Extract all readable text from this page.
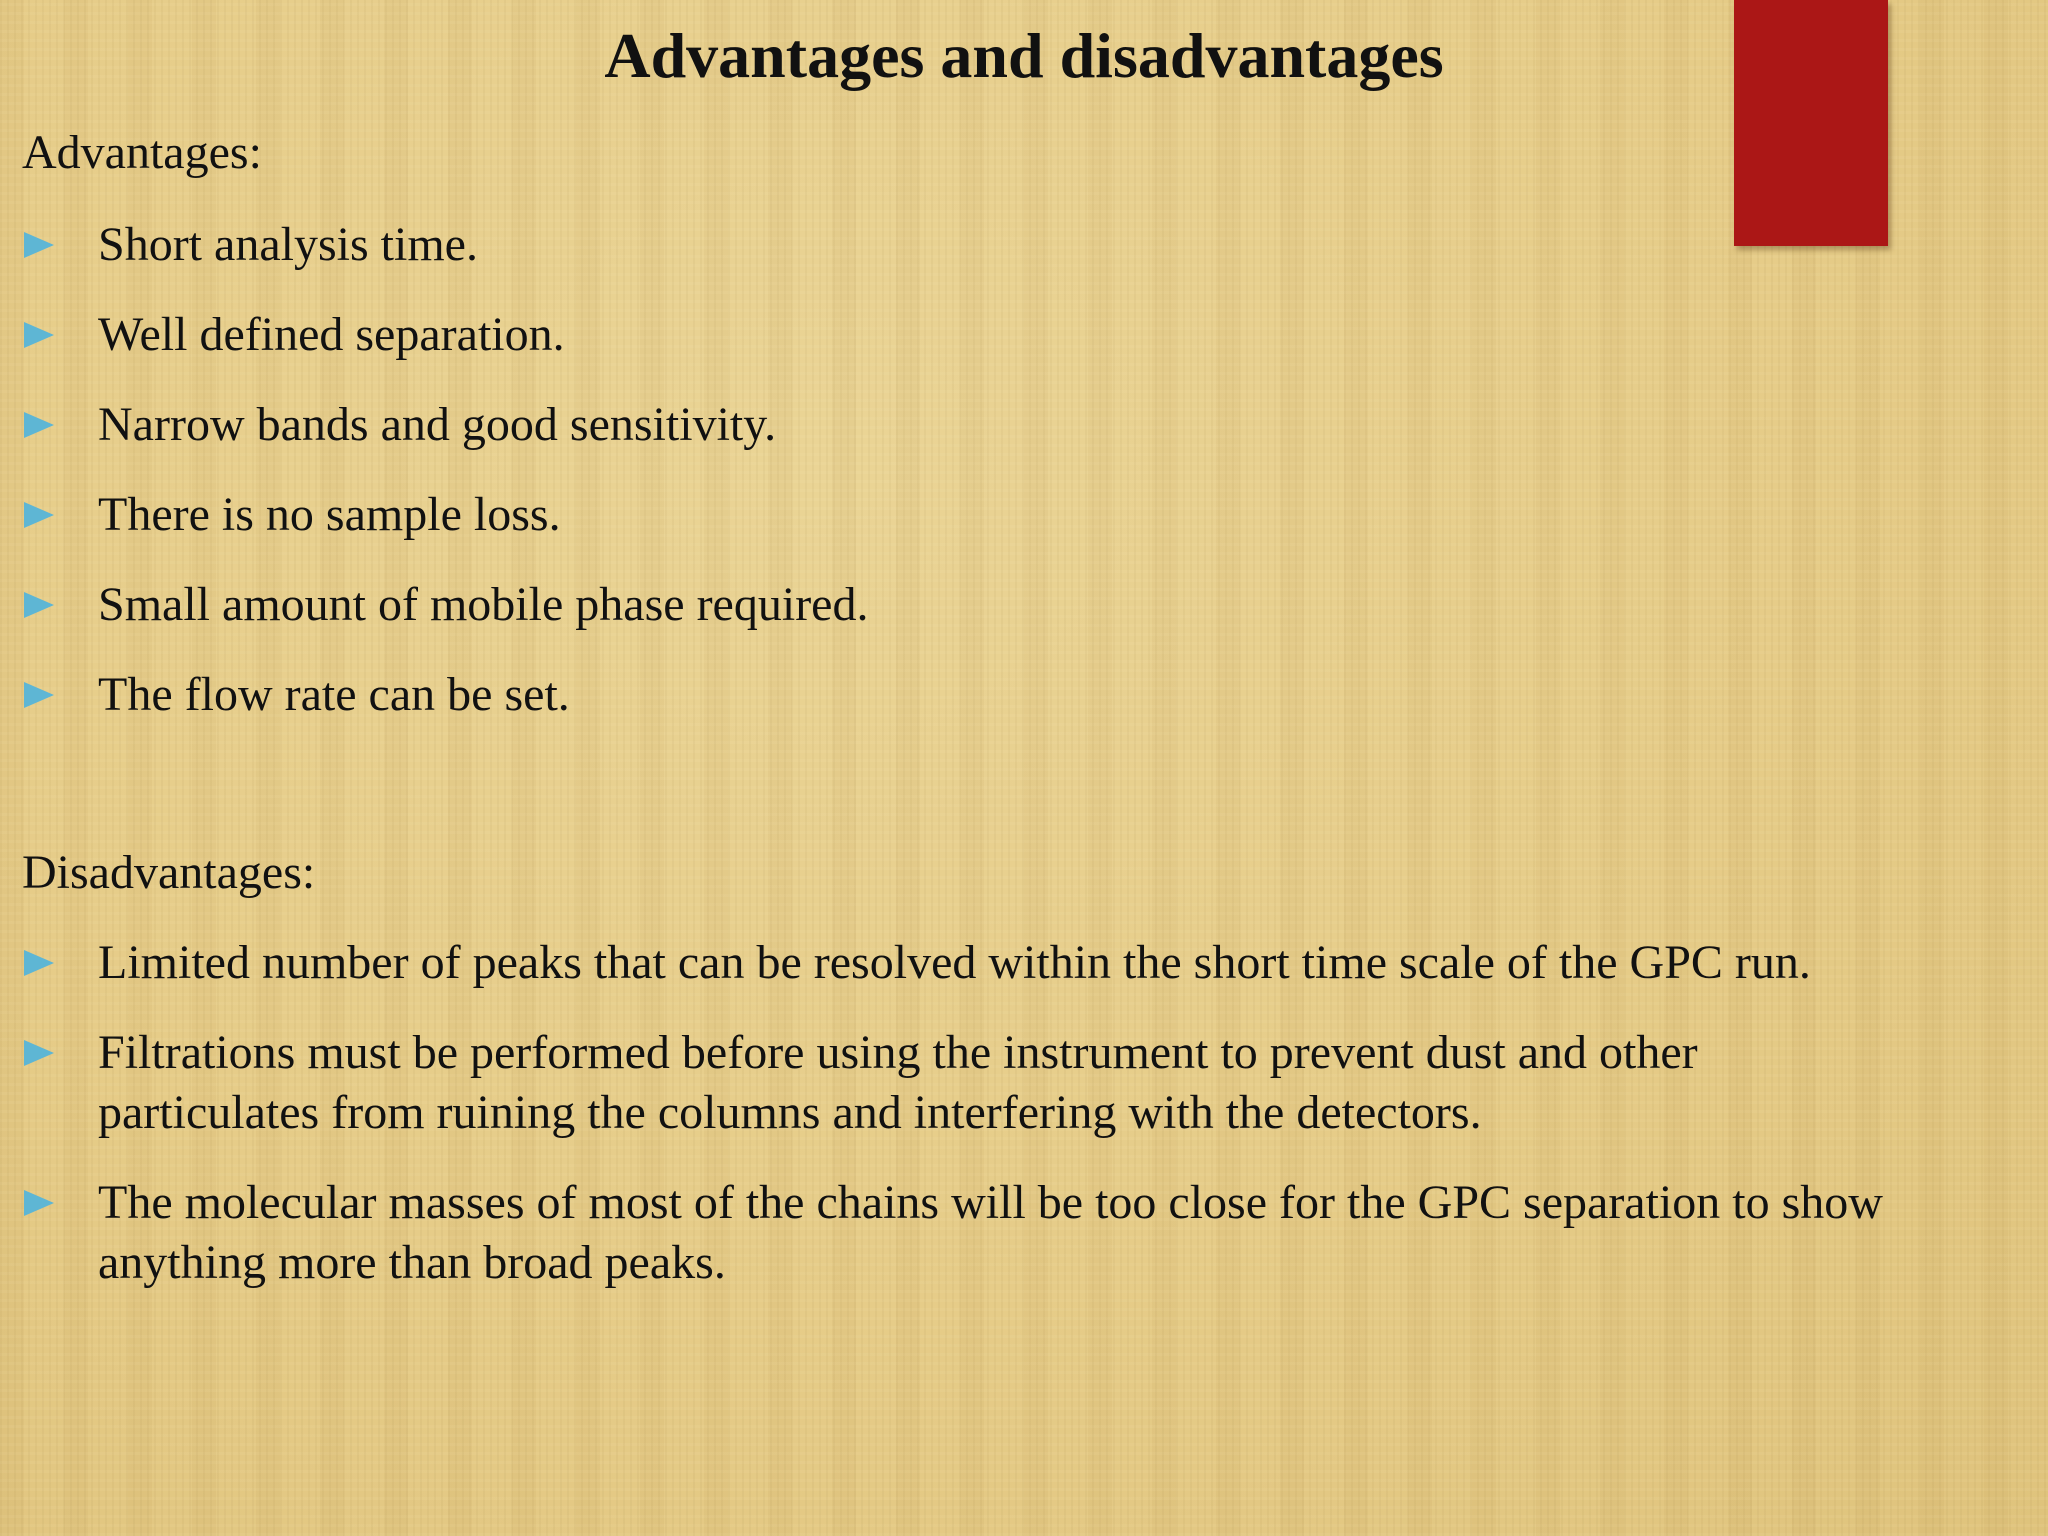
Advantages and disadvantages
Advantages:
Short analysis time.
Well defined separation.
Narrow bands and good sensitivity.
There is no sample loss.
Small amount of mobile phase required.
The flow rate can be set.
Disadvantages:
Limited number of peaks that can be resolved within the short time scale of the GPC run.
Filtrations must be performed before using the instrument to prevent dust and other particulates from ruining the columns and interfering with the detectors.
The molecular masses of most of the chains will be too close for the GPC separation to show anything more than broad peaks.
